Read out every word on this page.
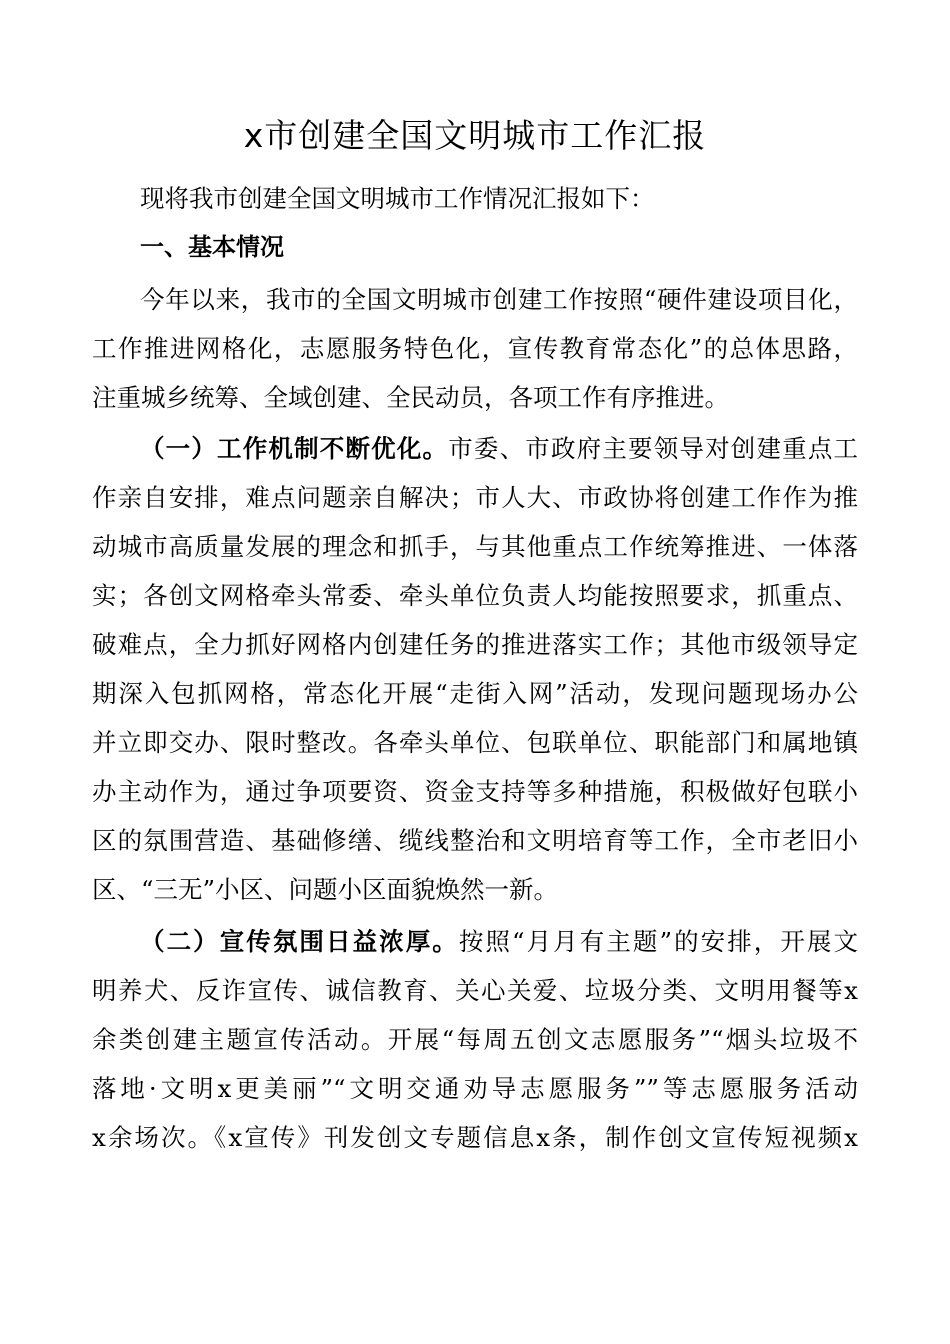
x市创建全国文明城市工作汇报
现将我市创建全国文明城市工作情况汇报如下：
一、基本情况
今年以来，我市的全国文明城市创建工作按照“硬件建设项目化，
工作推进网格化，志愿服务特色化，宣传教育常态化”的总体思路，
注重城乡统筹、全域创建、全民动员，各项工作有序推进。
（一）工作机制不断优化。市委、市政府主要领导对创建重点工
作亲自安排，难点问题亲自解决；市人大、市政协将创建工作作为推
动城市高质量发展的理念和抓手，与其他重点工作统筹推进、一体落
实；各创文网格牵头常委、牵头单位负责人均能按照要求，抓重点、
破难点，全力抓好网格内创建任务的推进落实工作；其他市级领导定
期深入包抓网格，常态化开展“走街入网”活动，发现问题现场办公
并立即交办、限时整改。各牵头单位、包联单位、职能部门和属地镇
办主动作为，通过争项要资、资金支持等多种措施，积极做好包联小
区的氛围营造、基础修缮、缆线整治和文明培育等工作，全市老旧小
区、“三无”小区、问题小区面貌焕然一新。
（二）宣传氛围日益浓厚。按照“月月有主题”的安排，开展文
明养犬、反诈宣传、诚信教育、关心关爱、垃圾分类、文明用餐等x
余类创建主题宣传活动。开展“每周五创文志愿服务”“烟头垃圾不
落地·文明x更美丽”“文明交通劝导志愿服务””等志愿服务活动
x余场次。《x宣传》刊发创文专题信息x条，制作创文宣传短视频x
